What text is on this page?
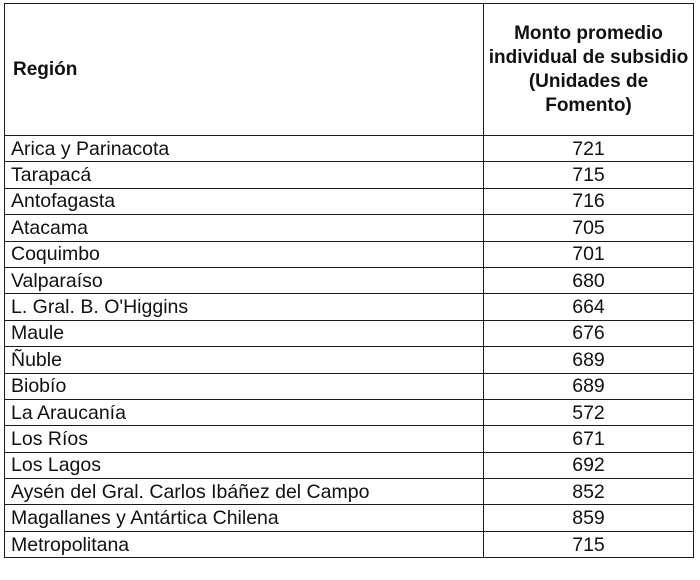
Región	Monto promedio individual de subsidio (Unidades de Fomento)
Arica y Parinacota	721
Tarapacá	715
Antofagasta	716
Atacama	705
Coquimbo	701
Valparaíso	680
L. Gral. B. O'Higgins	664
Maule	676
Ñuble	689
Biobío	689
La Araucanía	572
Los Ríos	671
Los Lagos	692
Aysén del Gral. Carlos Ibáñez del Campo	852
Magallanes y Antártica Chilena	859
Metropolitana	715
